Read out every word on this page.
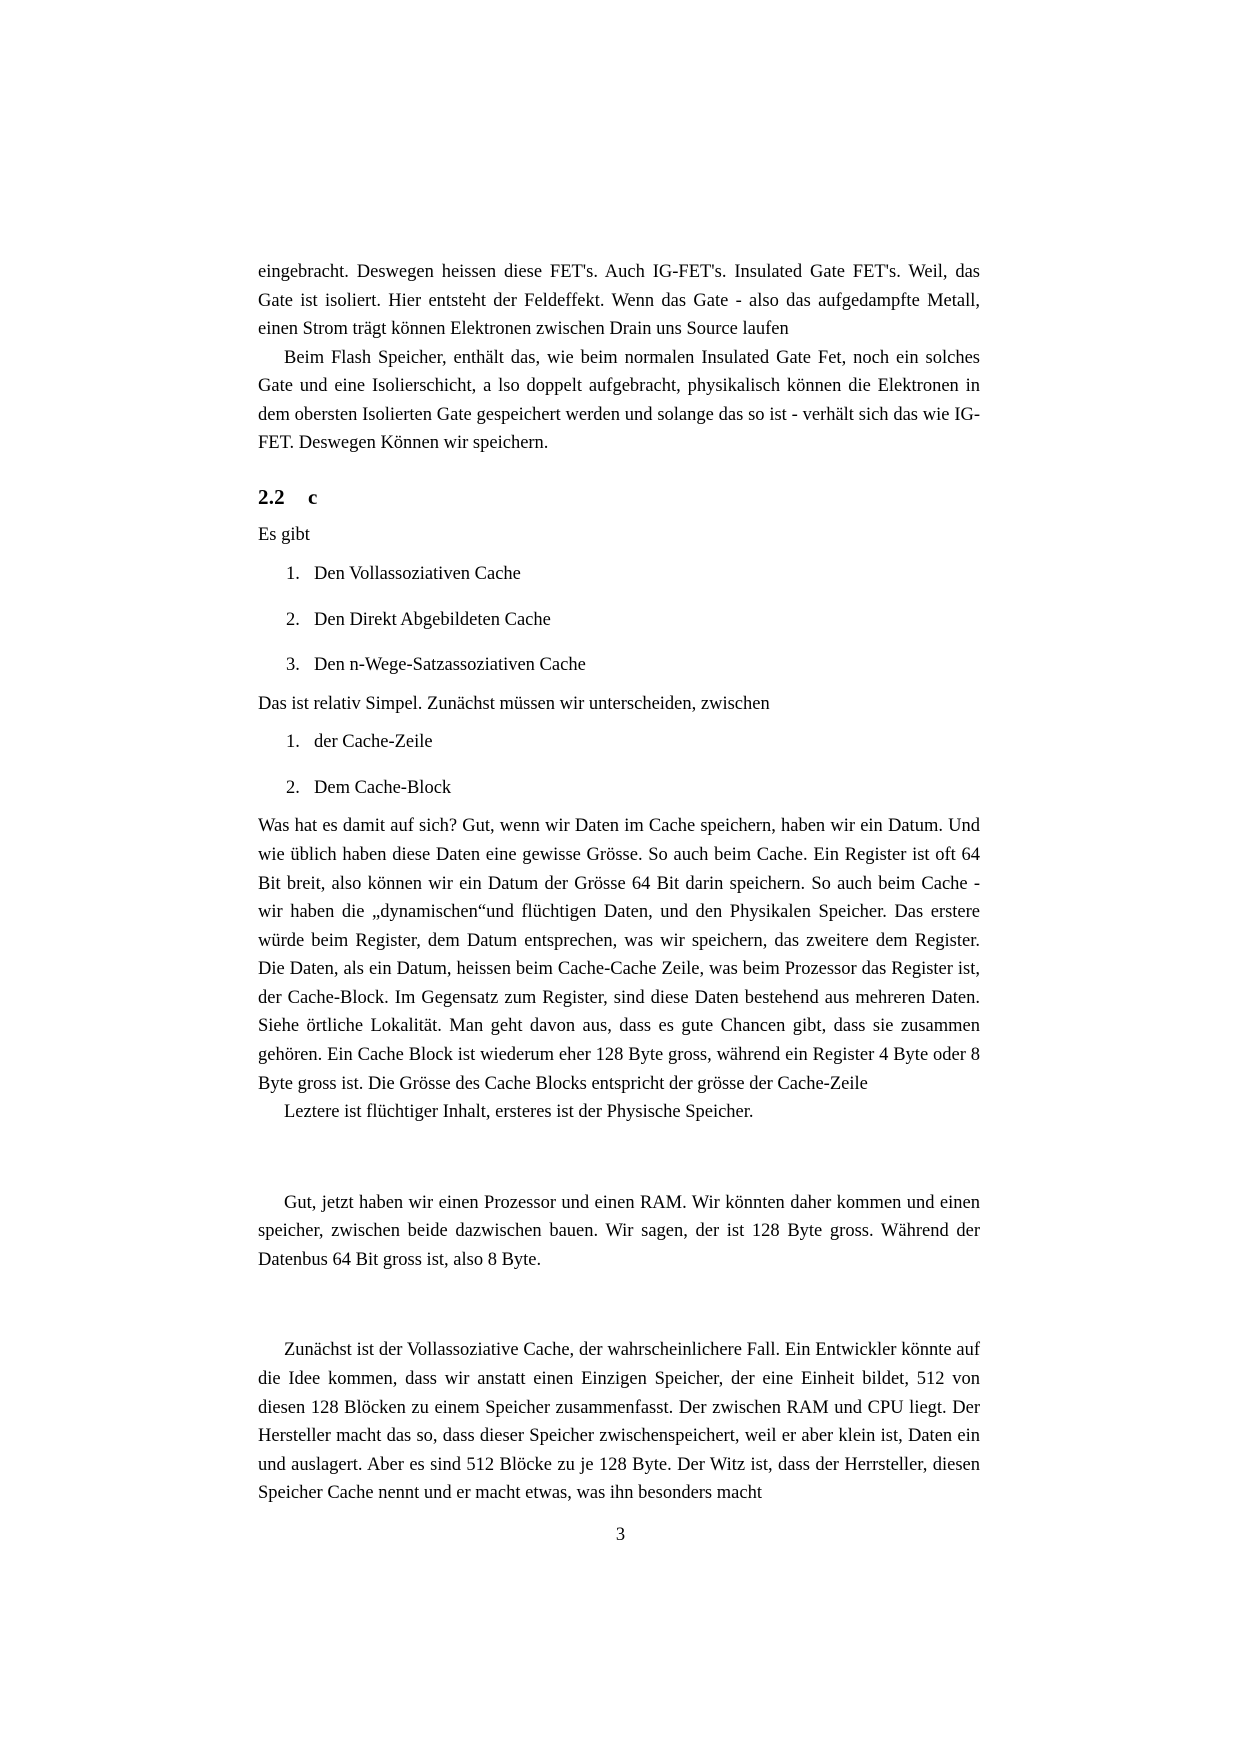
eingebracht. Deswegen heissen diese FET's. Auch IG-FET's. Insulated Gate FET's. Weil, das Gate ist isoliert. Hier entsteht der Feldeffekt. Wenn das Gate - also das aufgedampfte Metall, einen Strom trägt können Elektronen zwischen Drain uns Source laufen

Beim Flash Speicher, enthält das, wie beim normalen Insulated Gate Fet, noch ein solches Gate und eine Isolierschicht, a lso doppelt aufgebracht, physikalisch können die Elektronen in dem obersten Isolierten Gate gespeichert werden und solange das so ist - verhält sich das wie IG-FET. Deswegen Können wir speichern.

2.2 c

Es gibt

1. Den Vollassoziativen Cache
2. Den Direkt Abgebildeten Cache
3. Den n-Wege-Satzassoziativen Cache

Das ist relativ Simpel. Zunächst müssen wir unterscheiden, zwischen

1. der Cache-Zeile
2. Dem Cache-Block

Was hat es damit auf sich? Gut, wenn wir Daten im Cache speichern, haben wir ein Datum. Und wie üblich haben diese Daten eine gewisse Grösse. So auch beim Cache. Ein Register ist oft 64 Bit breit, also können wir ein Datum der Grösse 64 Bit darin speichern. So auch beim Cache - wir haben die „dynamischen“und flüchtigen Daten, und den Physikalen Speicher. Das erstere würde beim Register, dem Datum entsprechen, was wir speichern, das zweitere dem Register. Die Daten, als ein Datum, heissen beim Cache-Cache Zeile, was beim Prozessor das Register ist, der Cache-Block. Im Gegensatz zum Register, sind diese Daten bestehend aus mehreren Daten. Siehe örtliche Lokalität. Man geht davon aus, dass es gute Chancen gibt, dass sie zusammen gehören. Ein Cache Block ist wiederum eher 128 Byte gross, während ein Register 4 Byte oder 8 Byte gross ist. Die Grösse des Cache Blocks entspricht der grösse der Cache-Zeile

Leztere ist flüchtiger Inhalt, ersteres ist der Physische Speicher.

Gut, jetzt haben wir einen Prozessor und einen RAM. Wir könnten daher kommen und einen speicher, zwischen beide dazwischen bauen. Wir sagen, der ist 128 Byte gross. Während der Datenbus 64 Bit gross ist, also 8 Byte.

Zunächst ist der Vollassoziative Cache, der wahrscheinlichere Fall. Ein Entwickler könnte auf die Idee kommen, dass wir anstatt einen Einzigen Speicher, der eine Einheit bildet, 512 von diesen 128 Blöcken zu einem Speicher zusammenfasst. Der zwischen RAM und CPU liegt. Der Hersteller macht das so, dass dieser Speicher zwischenspeichert, weil er aber klein ist, Daten ein und auslagert. Aber es sind 512 Blöcke zu je 128 Byte. Der Witz ist, dass der Herrsteller, diesen Speicher Cache nennt und er macht etwas, was ihn besonders macht

3
